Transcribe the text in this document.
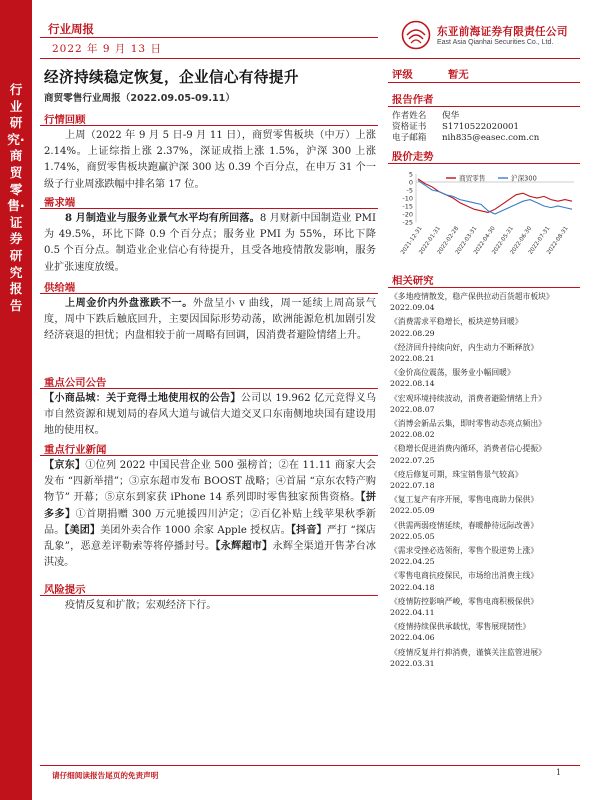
行业研究·商贸零售·证券研究报告
行业周报
2022 年 9 月 13 日
东亚前海证券有限责任公司
East Asia Qianhai Securities Co., Ltd.
经济持续稳定恢复，企业信心有待提升
商贸零售行业周报（2022.09.05-09.11）
行情回顾
上周（2022 年 9 月 5 日-9 月 11 日），商贸零售板块（中万）上涨 2.14%。上证综指上涨 2.37%，深证成指上涨 1.5%，沪深 300 上涨 1.74%，商贸零售板块跑赢沪深 300 达 0.39 个百分点，在申万 31 个一级子行业周涨跌幅中排名第 17 位。
需求端
8 月制造业与服务业景气水平均有所回落。8 月财新中国制造业 PMI 为 49.5%，环比下降 0.9 个百分点；服务业 PMI 为 55%，环比下降 0.5 个百分点。制造业企业信心有待提升，且受各地疫情散发影响，服务业扩张速度放缓。
供给端
上周金价内外盘涨跌不一。外盘呈小 v 曲线，周一延续上周高景气度，周中下跌后触底回升，主要因国际形势动荡，欧洲能源危机加剧引发经济衰退的担忧；内盘相较于前一周略有回调，因消费者避险情绪上升。
重点公司公告
【小商品城：关于竞得土地使用权的公告】公司以 19.962 亿元竞得义乌市自然资源和规划局的春风大道与诚信大道交叉口东南侧地块国有建设用地的使用权。
重点行业新闻
【京东】①位列 2022 中国民营企业 500 强榜首；②在 11.11 商家大会发布 “四新举措”；③京东超市发布 BOOST 战略；④首届 “京东农特产购物节” 开幕；⑤京东到家获 iPhone 14 系列即时零售独家预售资格。【拼多多】①首期捐赠 300 万元驰援四川泸定；②百亿补贴上线苹果秋季新品。【美团】美团外卖合作 1000 余家 Apple 授权店。【抖音】严打 “探店乱象”，恶意差评勒索等将停播封号。【永辉超市】永辉全渠道开售茅台冰淇凌。
风险提示
疫情反复和扩散；宏观经济下行。
评级	暂无
报告作者
作者姓名 倪华
资格证书 S1710522020001
电子邮箱 nih835@easec.com.cn
股价走势
5
0
-5
-10
-15
-20
-25
2021-12-31
2022-01-31
2022-02-28
2022-03-31
2022-04-30
2022-05-31
2022-06-30
2022-07-31
2022-08-31
商贸零售	沪深300
相关研究
《多地疫情散发，稳产保供拉动百货超市板块》
2022.09.04
《消费需求平稳增长，板块逆势回暖》
2022.08.29
《经济回升持续向好，内生动力不断释放》
2022.08.21
《金价高位震荡，服务业小幅回暖》
2022.08.14
《宏观环境持续波动，消费者避险情绪上升》
2022.08.07
《消博会新品云集，即时零售动态亮点频出》
2022.08.02
《稳增长促进消费内循环，消费者信心提振》
2022.07.25
《疫后修复可期，珠宝销售景气较高》
2022.07.18
《复工复产有序开展，零售电商助力保供》
2022.05.09
《供需两弱疫情延续，春暖静待远际改善》
2022.05.05
《需求受挫必选领衔，零售个股逆势上涨》
2022.04.25
《零售电商抗疫保民，市场给出消费主线》
2022.04.18
《疫情防控影响严峻，零售电商积极保供》
2022.04.11
《疫情持续保供承载忧，零售展现韧性》
2022.04.06
《疫情反复并行抑消费，谨慎关注监管进展》
2022.03.31
请仔细阅读报告尾页的免责声明	1
